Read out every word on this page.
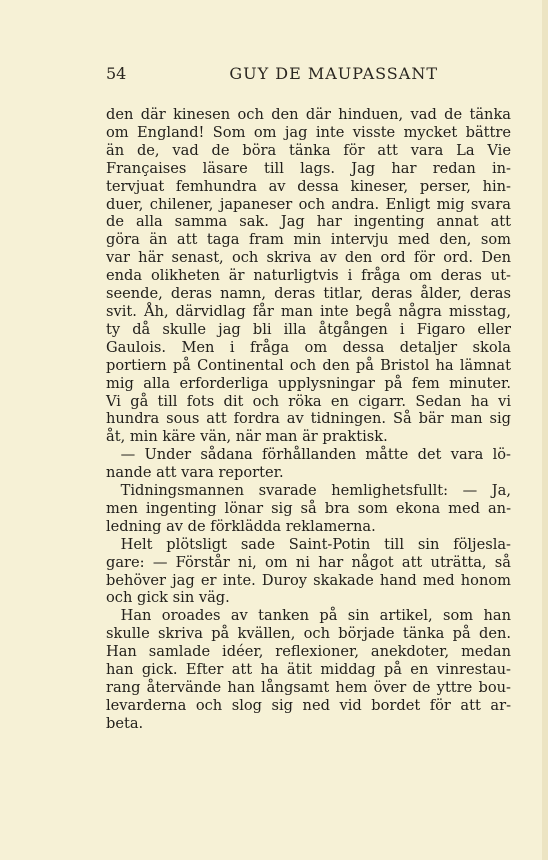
54	GUY DE MAUPASSANT
den där kinesen och den där hinduen, vad de tänka
om England! Som om jag inte visste mycket bättre
än de, vad de böra tänka för att vara La Vie
Françaises läsare till lags. Jag har redan in-
tervjuat femhundra av dessa kineser, perser, hin-
duer, chilener, japaneser och andra. Enligt mig svara
de alla samma sak. Jag har ingenting annat att
göra än att taga fram min intervju med den, som
var här senast, och skriva av den ord för ord. Den
enda olikheten är naturligtvis i fråga om deras ut-
seende, deras namn, deras titlar, deras ålder, deras
svit. Åh, därvidlag får man inte begå några misstag,
ty då skulle jag bli illa åtgången i Figaro eller
Gaulois. Men i fråga om dessa detaljer skola
portiern på Continental och den på Bristol ha lämnat
mig alla erforderliga upplysningar på fem minuter.
Vi gå till fots dit och röka en cigarr. Sedan ha vi
hundra sous att fordra av tidningen. Så bär man sig
åt, min käre vän, när man är praktisk.
— Under sådana förhållanden måtte det vara lö-
nande att vara reporter.
Tidningsmannen svarade hemlighetsfullt: — Ja,
men ingenting lönar sig så bra som ekona med an-
ledning av de förklädda reklamerna.
Helt plötsligt sade Saint-Potin till sin följesla-
gare: — Förstår ni, om ni har något att uträtta, så
behöver jag er inte. Duroy skakade hand med honom
och gick sin väg.
Han oroades av tanken på sin artikel, som han
skulle skriva på kvällen, och började tänka på den.
Han samlade idéer, reflexioner, anekdoter, medan
han gick. Efter att ha ätit middag på en vinrestau-
rang återvände han långsamt hem över de yttre bou-
levarderna och slog sig ned vid bordet för att ar-
beta.
